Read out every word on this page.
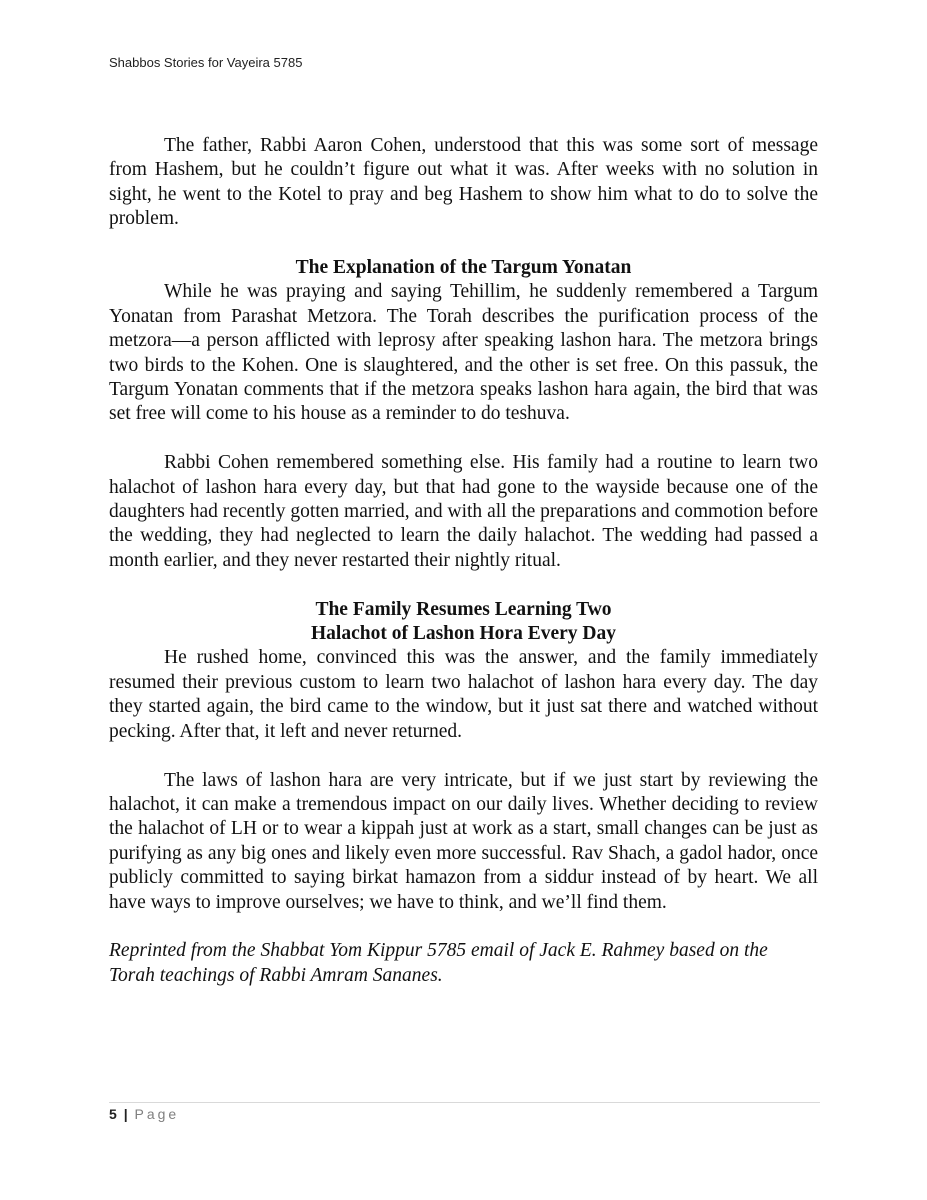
Shabbos Stories for Vayeira 5785

The father, Rabbi Aaron Cohen, understood that this was some sort of message from Hashem, but he couldn’t figure out what it was. After weeks with no solution in sight, he went to the Kotel to pray and beg Hashem to show him what to do to solve the problem.

The Explanation of the Targum Yonatan

While he was praying and saying Tehillim, he suddenly remembered a Targum Yonatan from Parashat Metzora. The Torah describes the purification process of the metzora—a person afflicted with leprosy after speaking lashon hara. The metzora brings two birds to the Kohen. One is slaughtered, and the other is set free. On this passuk, the Targum Yonatan comments that if the metzora speaks lashon hara again, the bird that was set free will come to his house as a reminder to do teshuva.

Rabbi Cohen remembered something else. His family had a routine to learn two halachot of lashon hara every day, but that had gone to the wayside because one of the daughters had recently gotten married, and with all the preparations and commotion before the wedding, they had neglected to learn the daily halachot. The wedding had passed a month earlier, and they never restarted their nightly ritual.

The Family Resumes Learning Two
Halachot of Lashon Hora Every Day

He rushed home, convinced this was the answer, and the family immediately resumed their previous custom to learn two halachot of lashon hara every day. The day they started again, the bird came to the window, but it just sat there and watched without pecking. After that, it left and never returned.

The laws of lashon hara are very intricate, but if we just start by reviewing the halachot, it can make a tremendous impact on our daily lives. Whether deciding to review the halachot of LH or to wear a kippah just at work as a start, small changes can be just as purifying as any big ones and likely even more successful. Rav Shach, a gadol hador, once publicly committed to saying birkat hamazon from a siddur instead of by heart. We all have ways to improve ourselves; we have to think, and we’ll find them.

Reprinted from the Shabbat Yom Kippur 5785 email of Jack E. Rahmey based on the Torah teachings of Rabbi Amram Sananes.

5 | Page
